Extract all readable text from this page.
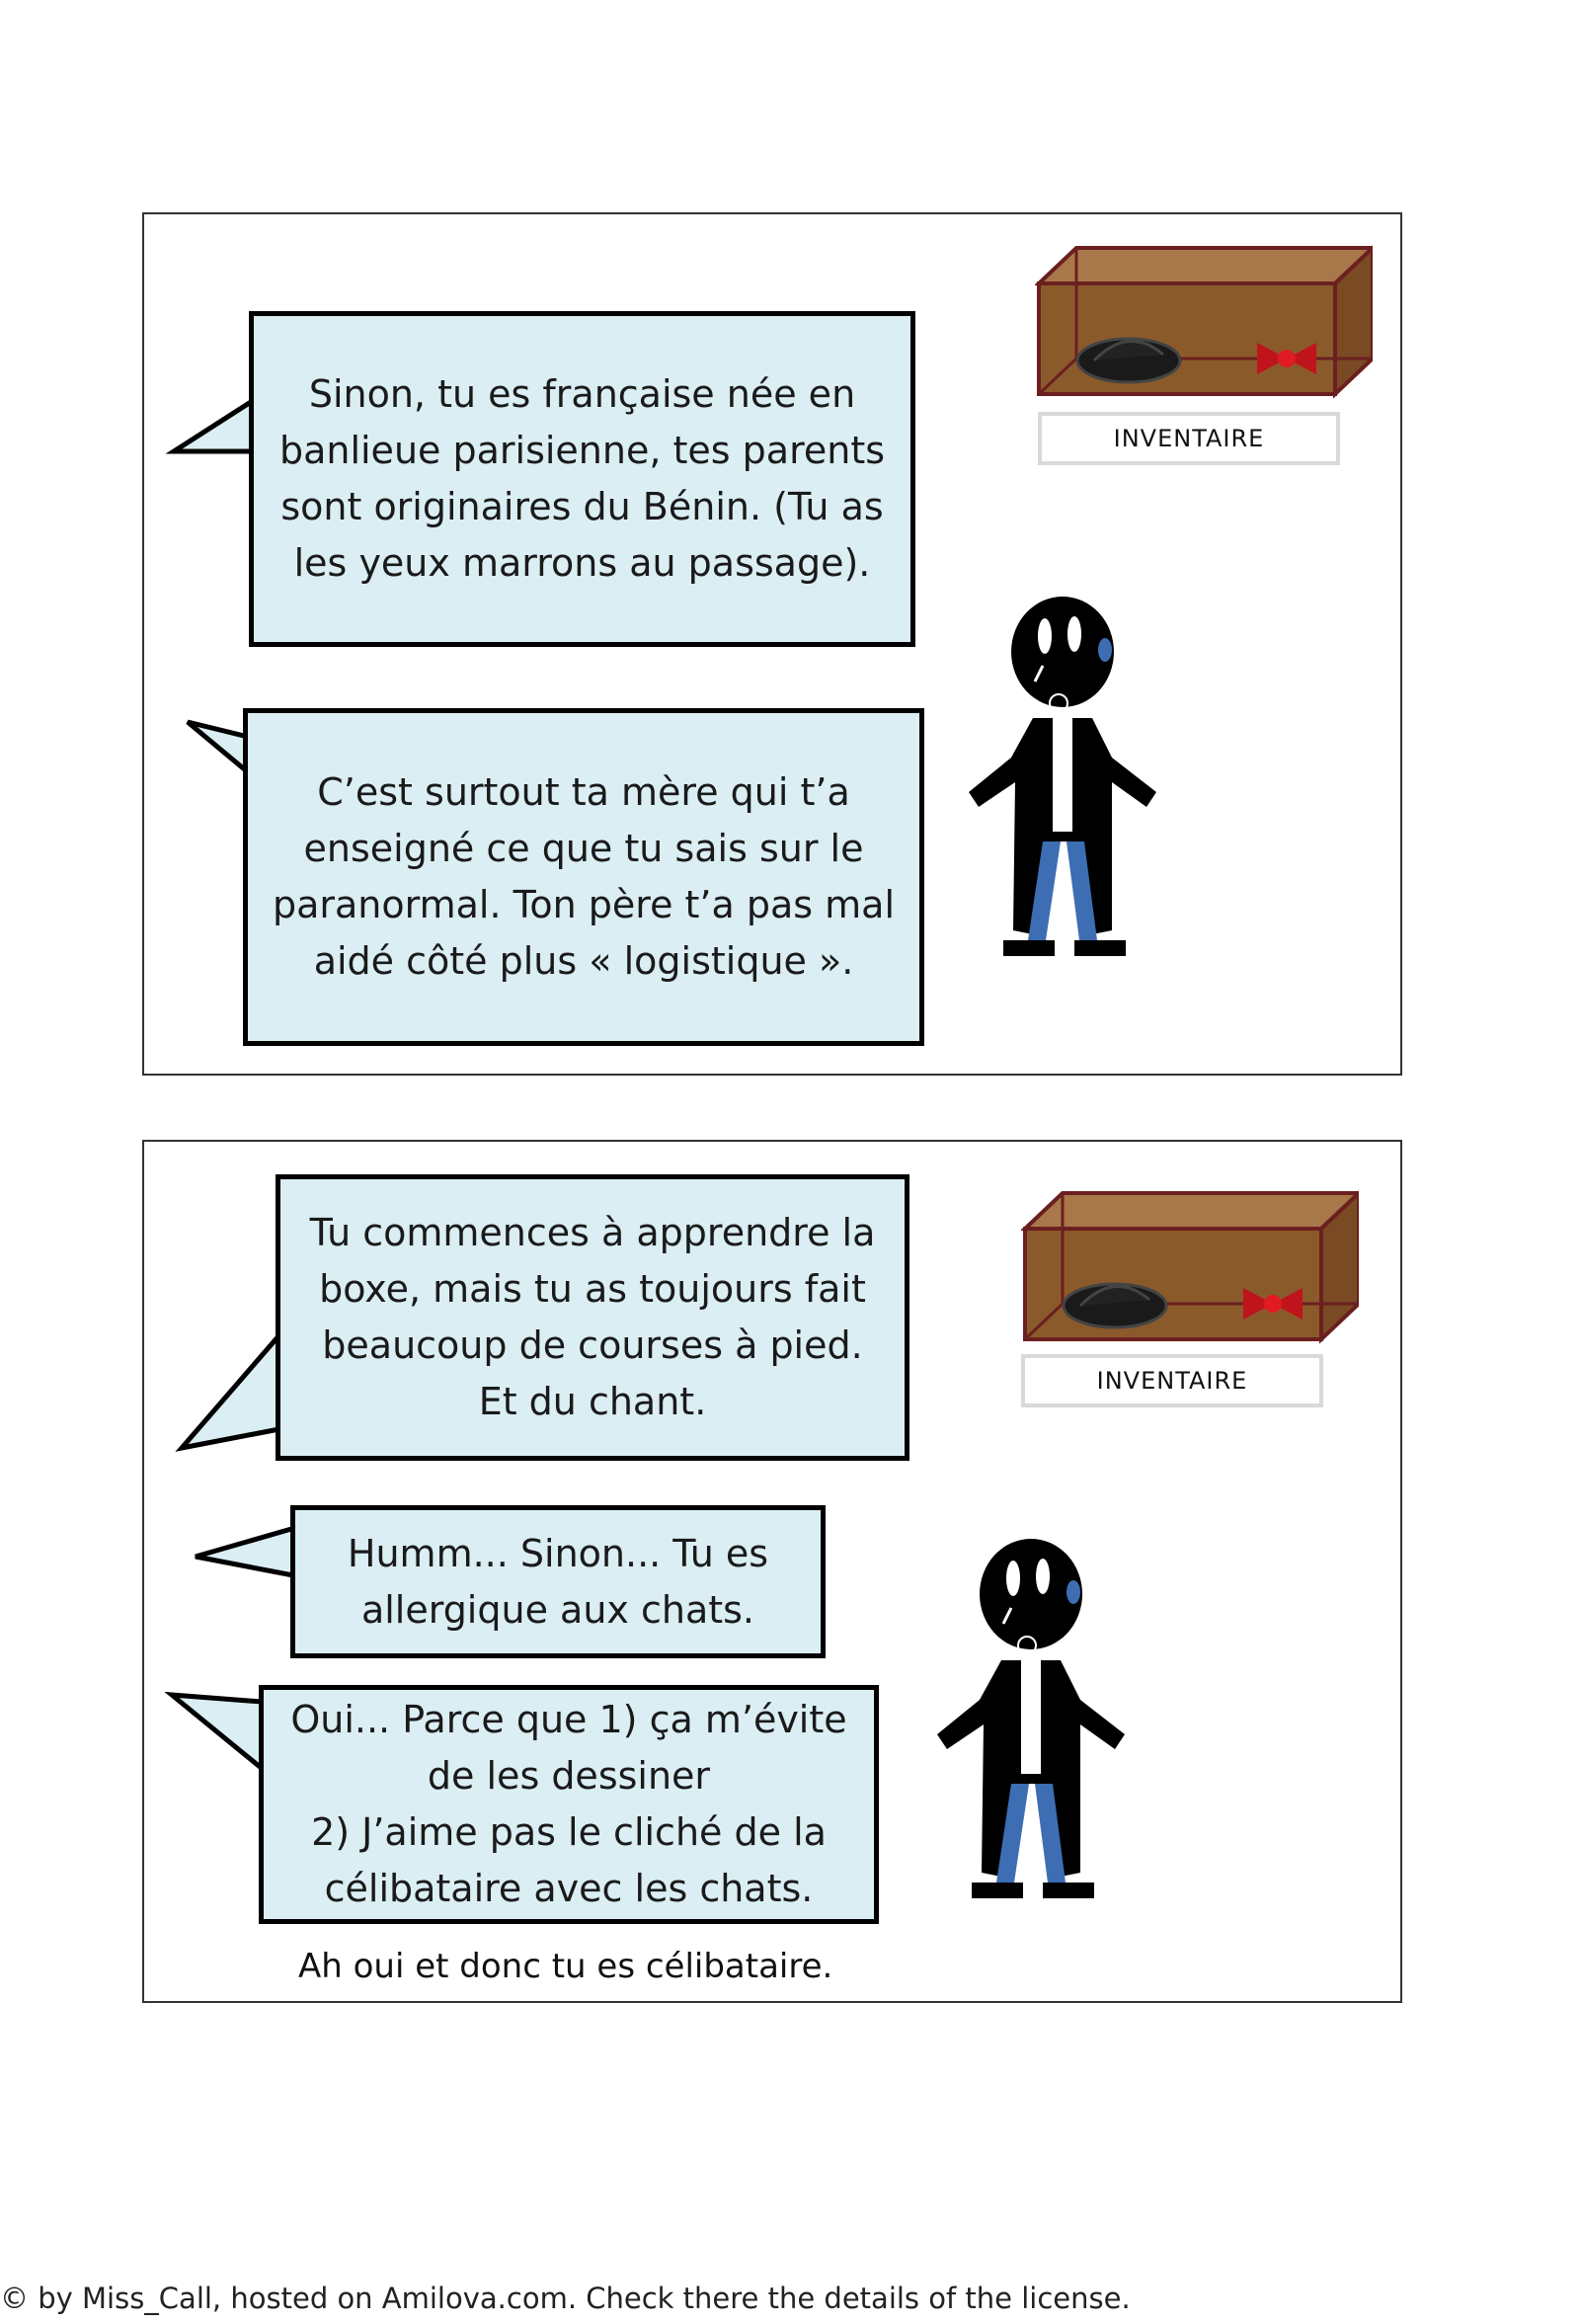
Sinon, tu es française née en
banlieue parisienne, tes parents
sont originaires du Bénin. (Tu as
les yeux marrons au passage).
C’est surtout ta mère qui t’a
enseigné ce que tu sais sur le
paranormal. Ton père t’a pas mal
aidé côté plus « logistique ».
INVENTAIRE
Tu commences à apprendre la
boxe, mais tu as toujours fait
beaucoup de courses à pied.
Et du chant.
Humm... Sinon... Tu es
allergique aux chats.
Oui... Parce que 1) ça m’évite
de les dessiner
2) J’aime pas le cliché de la
célibataire avec les chats.
Ah oui et donc tu es célibataire.
INVENTAIRE
© by Miss_Call, hosted on Amilova.com. Check there the details of the license.
